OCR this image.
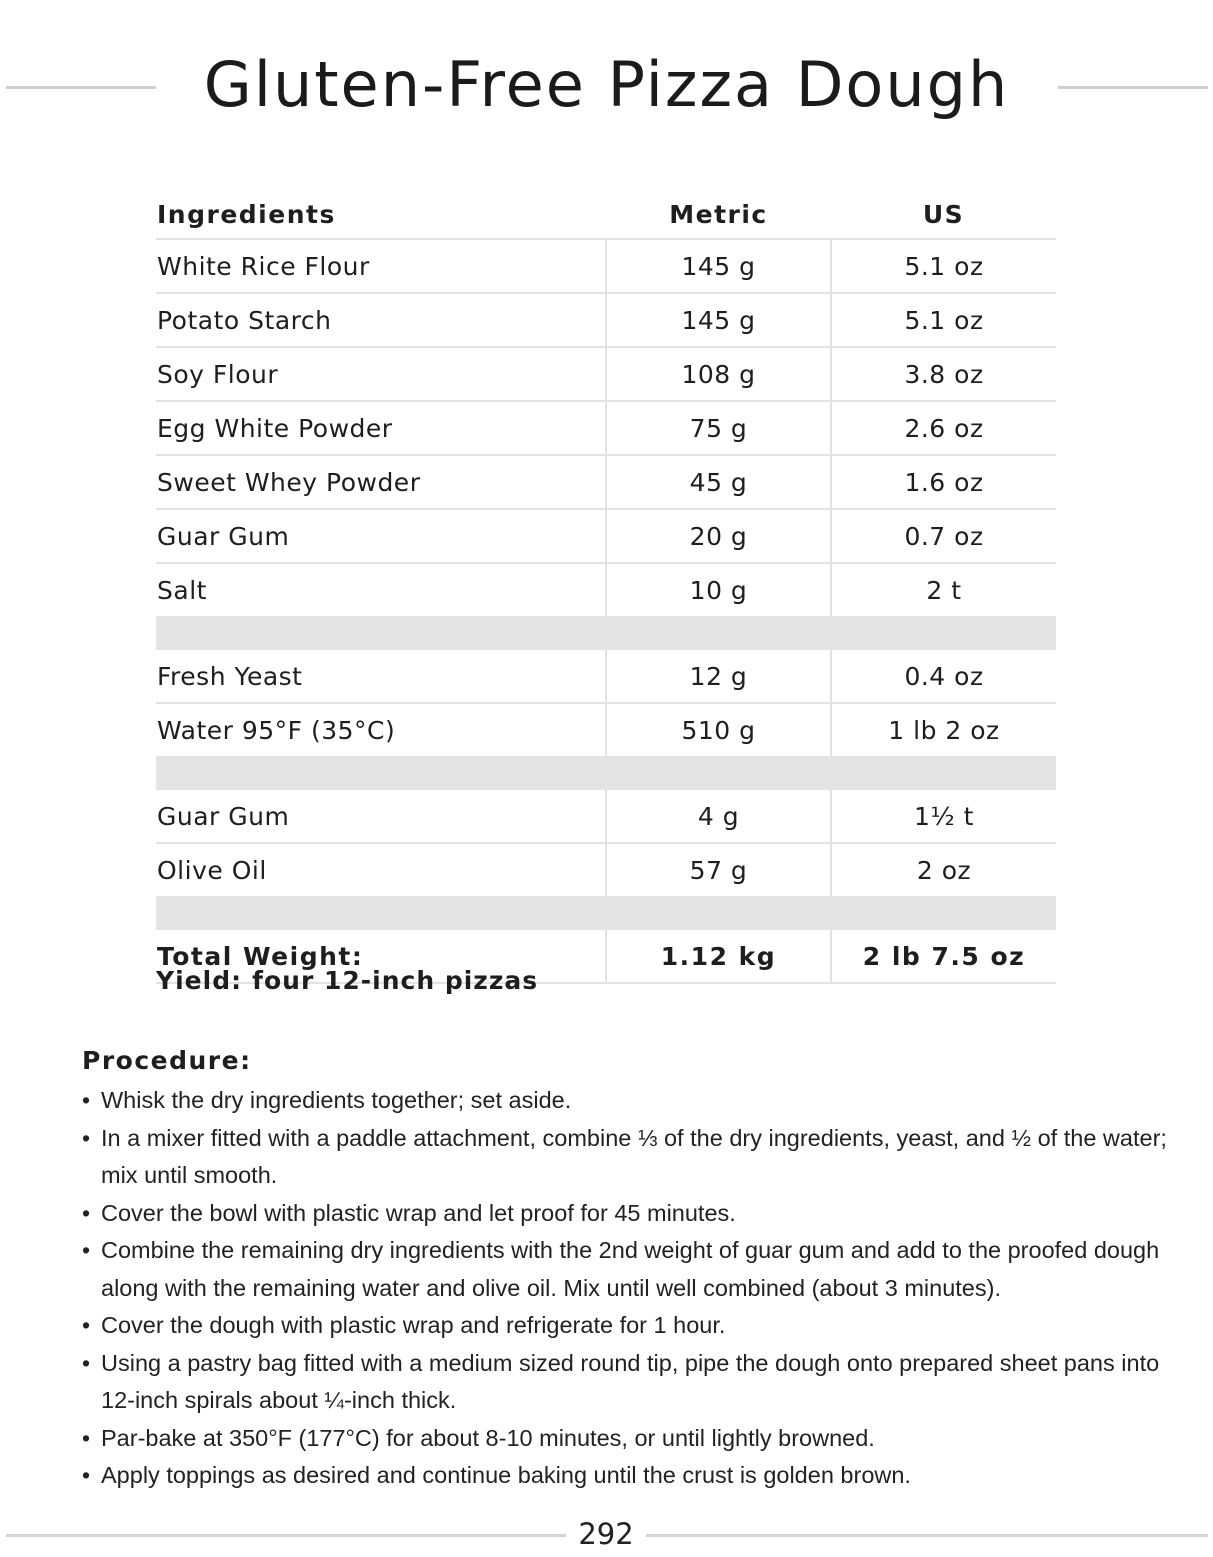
Gluten-Free Pizza Dough
Ingredients	Metric	US
White Rice Flour	145 g	5.1 oz
Potato Starch	145 g	5.1 oz
Soy Flour	108 g	3.8 oz
Egg White Powder	75 g	2.6 oz
Sweet Whey Powder	45 g	1.6 oz
Guar Gum	20 g	0.7 oz
Salt	10 g	2 t

Fresh Yeast	12 g	0.4 oz
Water 95°F (35°C)	510 g	1 lb 2 oz

Guar Gum	4 g	1½ t
Olive Oil	57 g	2 oz

Total Weight:	1.12 kg	2 lb 7.5 oz
Yield: four 12-inch pizzas
Procedure:
• Whisk the dry ingredients together; set aside.
• In a mixer fitted with a paddle attachment, combine ⅓ of the dry ingredients, yeast, and ½ of the water; mix until smooth.
• Cover the bowl with plastic wrap and let proof for 45 minutes.
• Combine the remaining dry ingredients with the 2nd weight of guar gum and add to the proofed dough along with the remaining water and olive oil. Mix until well combined (about 3 minutes).
• Cover the dough with plastic wrap and refrigerate for 1 hour.
• Using a pastry bag fitted with a medium sized round tip, pipe the dough onto prepared sheet pans into 12-inch spirals about ¼-inch thick.
• Par-bake at 350°F (177°C) for about 8-10 minutes, or until lightly browned.
• Apply toppings as desired and continue baking until the crust is golden brown.
292
